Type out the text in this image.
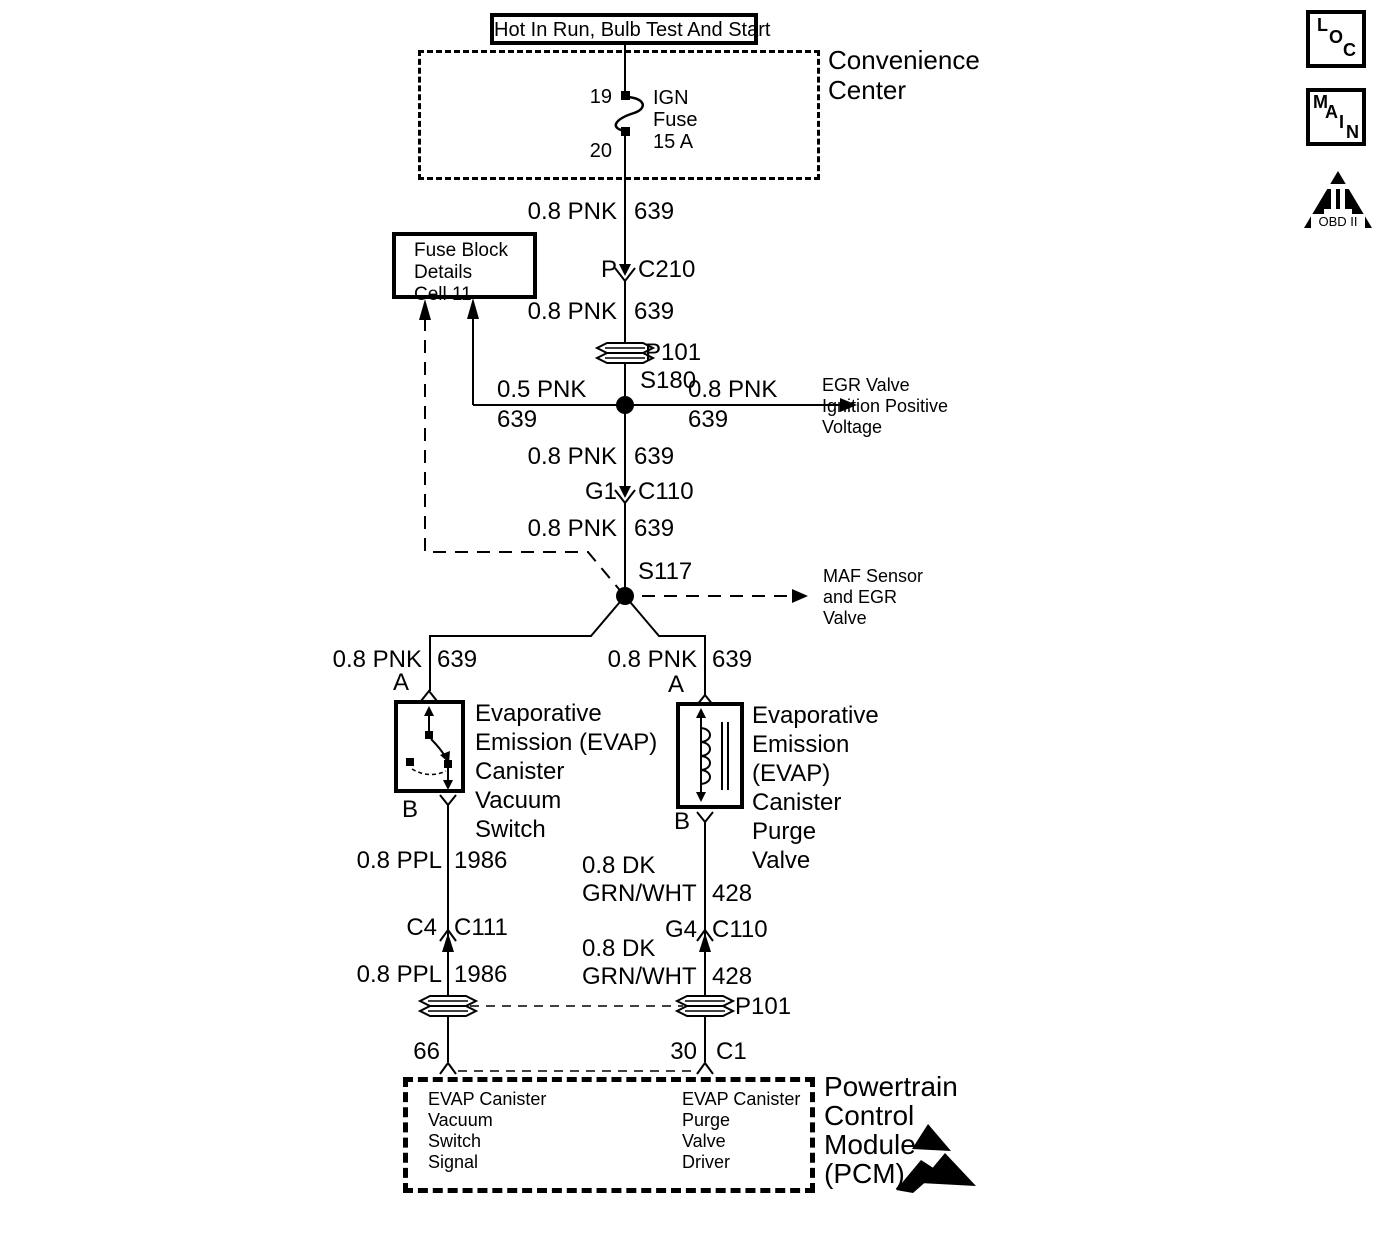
OBD II
Hot In Run, Bulb Test And Start
Fuse Block
Details
Cell 11
Convenience
Center
19
20
IGN
Fuse
15 A
0.8 PNK 639
P C210
0.8 PNK 639
P101
S180
0.5 PNK
639
0.8 PNK
639
EGR Valve
Ignition Positive
Voltage
0.8 PNK 639
G1 C110
0.8 PNK 639
S117	MAF Sensor
and EGR
Valve
0.8 PNK 639	0.8 PNK 639
A	A
B	B
Evaporative
Emission (EVAP)
Canister
Vacuum
Switch
Evaporative
Emission
(EVAP)
Canister
Purge
Valve
0.8 PPL 1986
0.8 PPL 1986
0.8 DK
GRN/WHT 428
0.8 DK
GRN/WHT 428
C4 C111	G4 C110
P101
66	30 C1
EVAP Canister
Vacuum
Switch
Signal
EVAP Canister
Purge
Valve
Driver
Powertrain
Control
Module
(PCM)
L
O
C
M
A I N
